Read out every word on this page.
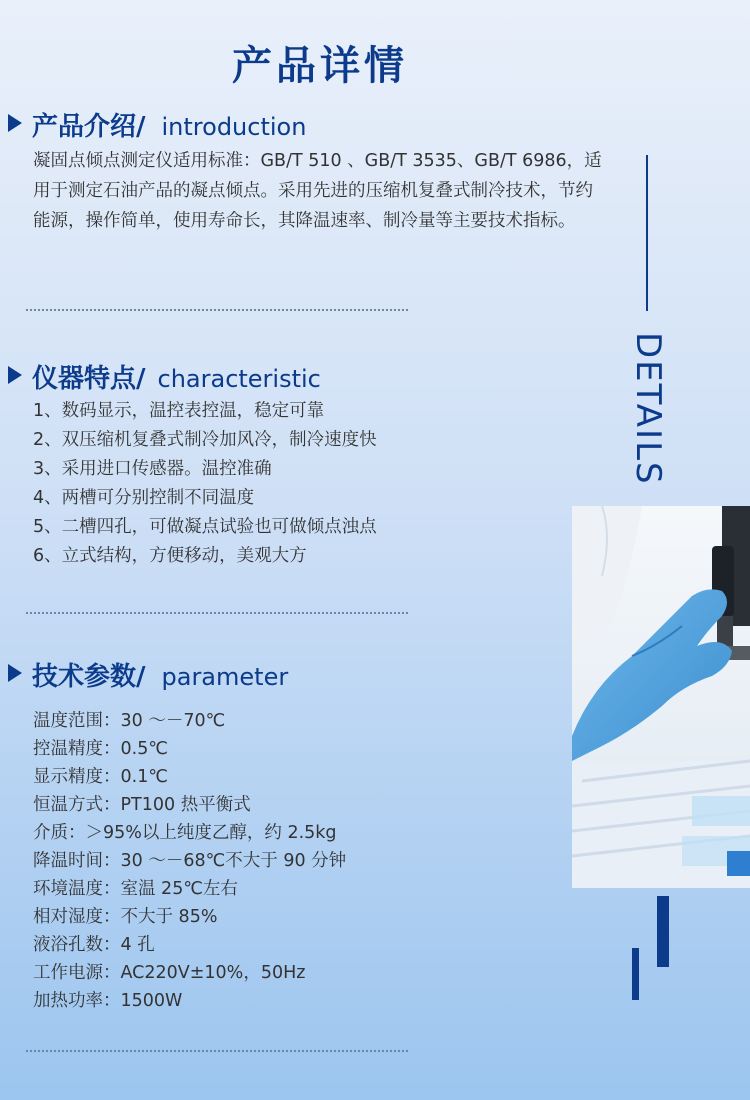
产品详情
产品介绍/ introduction
凝固点倾点测定仪适用标准：GB/T 510 、GB/T 3535、GB/T 6986，适用于测定石油产品的凝点倾点。采用先进的压缩机复叠式制冷技术，节约能源，操作简单，使用寿命长，其降温速率、制冷量等主要技术指标。
仪器特点/ characteristic
1、数码显示，温控表控温，稳定可靠
2、双压缩机复叠式制冷加风冷，制冷速度快
3、采用进口传感器。温控准确
4、两槽可分别控制不同温度
5、二槽四孔，可做凝点试验也可做倾点浊点
6、立式结构，方便移动，美观大方
技术参数/ parameter
温度范围：30 ～－70℃
控温精度：0.5℃
显示精度：0.1℃
恒温方式：PT100 热平衡式
介质：＞95%以上纯度乙醇，约 2.5kg
降温时间：30 ～－68℃不大于 90 分钟
环境温度：室温 25℃左右
相对湿度：不大于 85%
液浴孔数：4 孔
工作电源：AC220V±10%，50Hz
加热功率：1500W
DETAILS
